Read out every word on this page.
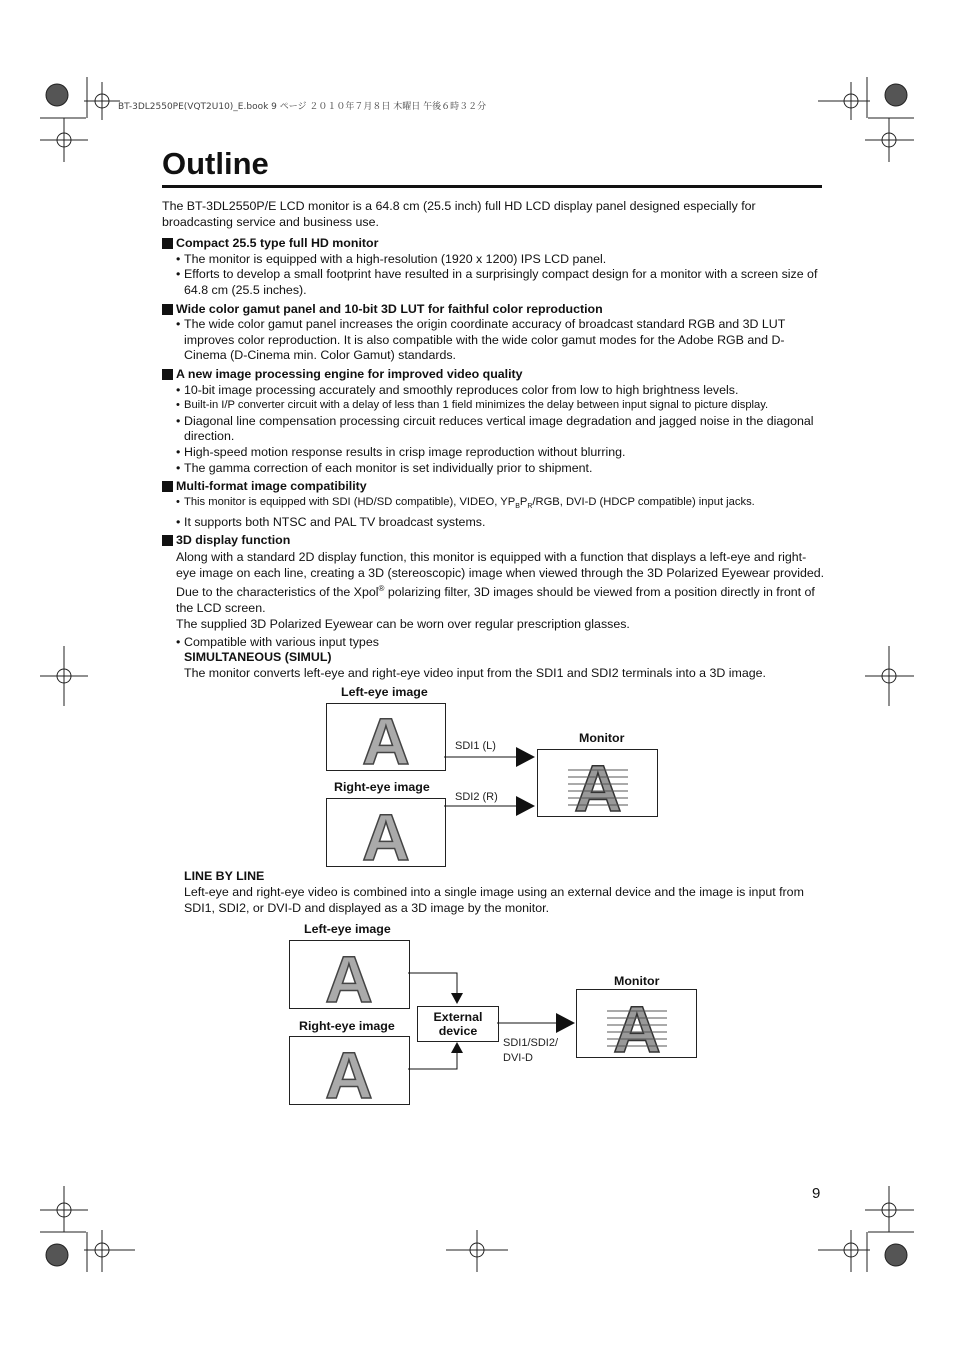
BT-3DL2550PE(VQT2U10)_E.book 9 ページ ２０１０年７月８日 木曜日 午後６時３２分
Outline

The BT-3DL2550P/E LCD monitor is a 64.8 cm (25.5 inch) full HD LCD display panel designed especially for broadcasting service and business use.

Compact 25.5 type full HD monitor
• The monitor is equipped with a high-resolution (1920 x 1200) IPS LCD panel.
• Efforts to develop a small footprint have resulted in a surprisingly compact design for a monitor with a screen size of 64.8 cm (25.5 inches).
Wide color gamut panel and 10-bit 3D LUT for faithful color reproduction
• The wide color gamut panel increases the origin coordinate accuracy of broadcast standard RGB and 3D LUT improves color reproduction. It is also compatible with the wide color gamut modes for the Adobe RGB and D-Cinema (D-Cinema min. Color Gamut) standards.
A new image processing engine for improved video quality
• 10-bit image processing accurately and smoothly reproduces color from low to high brightness levels.
• Built-in I/P converter circuit with a delay of less than 1 field minimizes the delay between input signal to picture display.
• Diagonal line compensation processing circuit reduces vertical image degradation and jagged noise in the diagonal direction.
• High-speed motion response results in crisp image reproduction without blurring.
• The gamma correction of each monitor is set individually prior to shipment.
Multi-format image compatibility
• This monitor is equipped with SDI (HD/SD compatible), VIDEO, $YP_BP_R$/RGB, DVI-D (HDCP compatible) input jacks.
• It supports both NTSC and PAL TV broadcast systems.
3D display function

Along with a standard 2D display function, this monitor is equipped with a function that displays a left-eye and right-eye image on each line, creating a 3D (stereoscopic) image when viewed through the 3D Polarized Eyewear provided.

Due to the characteristics of the Xpol® polarizing filter, 3D images should be viewed from a position directly in front of the LCD screen.

The supplied 3D Polarized Eyewear can be worn over regular prescription glasses.

• Compatible with various input types

SIMULTANEOUS (SIMUL)

The monitor converts left-eye and right-eye video input from the SDI1 and SDI2 terminals into a 3D image.

Left-eye image
A
Right-eye image
A
SDI1 (L)
SDI2 (R)
Monitor
A

LINE BY LINE

Left-eye and right-eye video is combined into a single image using an external device and the image is input from SDI1, SDI2, or DVI-D and displayed as a 3D image by the monitor.

Left-eye image
A
Right-eye image
A
External
device
SDI1/SDI2/
DVI-D
Monitor
A
9
